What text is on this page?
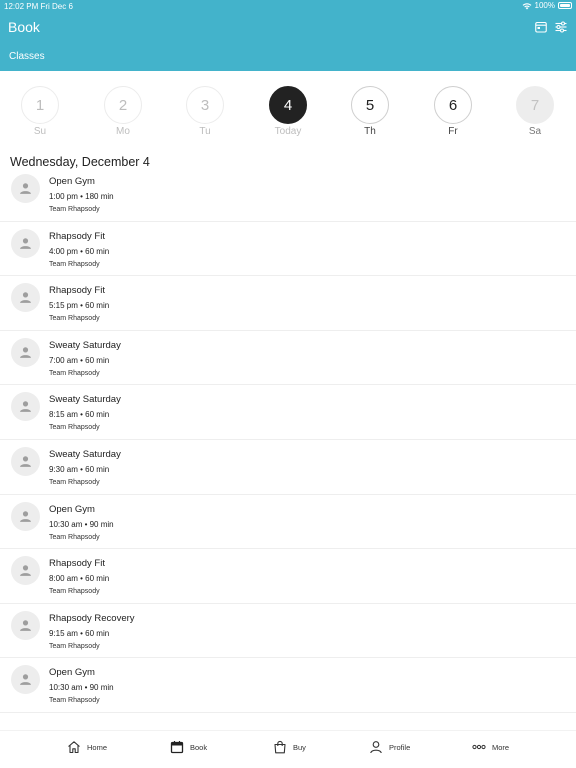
12:02 PM Fri Dec 6	100%
Book
Classes
1
Su
2
Mo
3
Tu
4
Today
5
Th
6
Fr
7
Sa
Wednesday, December 4
Open Gym
1:00 pm • 180 min
Team Rhapsody
Rhapsody Fit
4:00 pm • 60 min
Team Rhapsody
Rhapsody Fit
5:15 pm • 60 min
Team Rhapsody
Sweaty Saturday
7:00 am • 60 min
Team Rhapsody
Sweaty Saturday
8:15 am • 60 min
Team Rhapsody
Sweaty Saturday
9:30 am • 60 min
Team Rhapsody
Open Gym
10:30 am • 90 min
Team Rhapsody
Rhapsody Fit
8:00 am • 60 min
Team Rhapsody
Rhapsody Recovery
9:15 am • 60 min
Team Rhapsody
Open Gym
10:30 am • 90 min
Team Rhapsody
Home	Book	Buy	Profile	More
